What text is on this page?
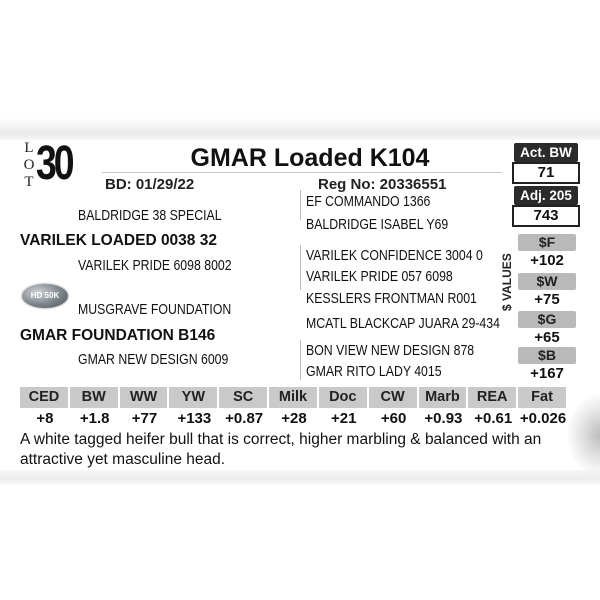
L
O
T 30	GMAR Loaded K104
BD: 01/29/22	Reg No: 20336551
Act. BW
71
Adj. 205
743
BALDRIDGE 38 SPECIAL
VARILEK LOADED 0038 32
VARILEK PRIDE 6098 8002
HD 50K
MUSGRAVE FOUNDATION
GMAR FOUNDATION B146
GMAR NEW DESIGN 6009
EF COMMANDO 1366
BALDRIDGE ISABEL Y69
VARILEK CONFIDENCE 3004 0
VARILEK PRIDE 057 6098
KESSLERS FRONTMAN R001
MCATL BLACKCAP JUARA 29-434
BON VIEW NEW DESIGN 878
GMAR RITO LADY 4015
$ VALUES
$F
+102
$W
+75
$G
+65
$B
+167
CED	BW	WW	YW	SC	Milk	Doc	CW	Marb	REA	Fat
+8	+1.8	+77	+133 +0.87	+28	+21	+60	+0.93 +0.61 +0.026
A white tagged heifer bull that is correct, higher marbling & balanced with an attractive yet masculine head.
